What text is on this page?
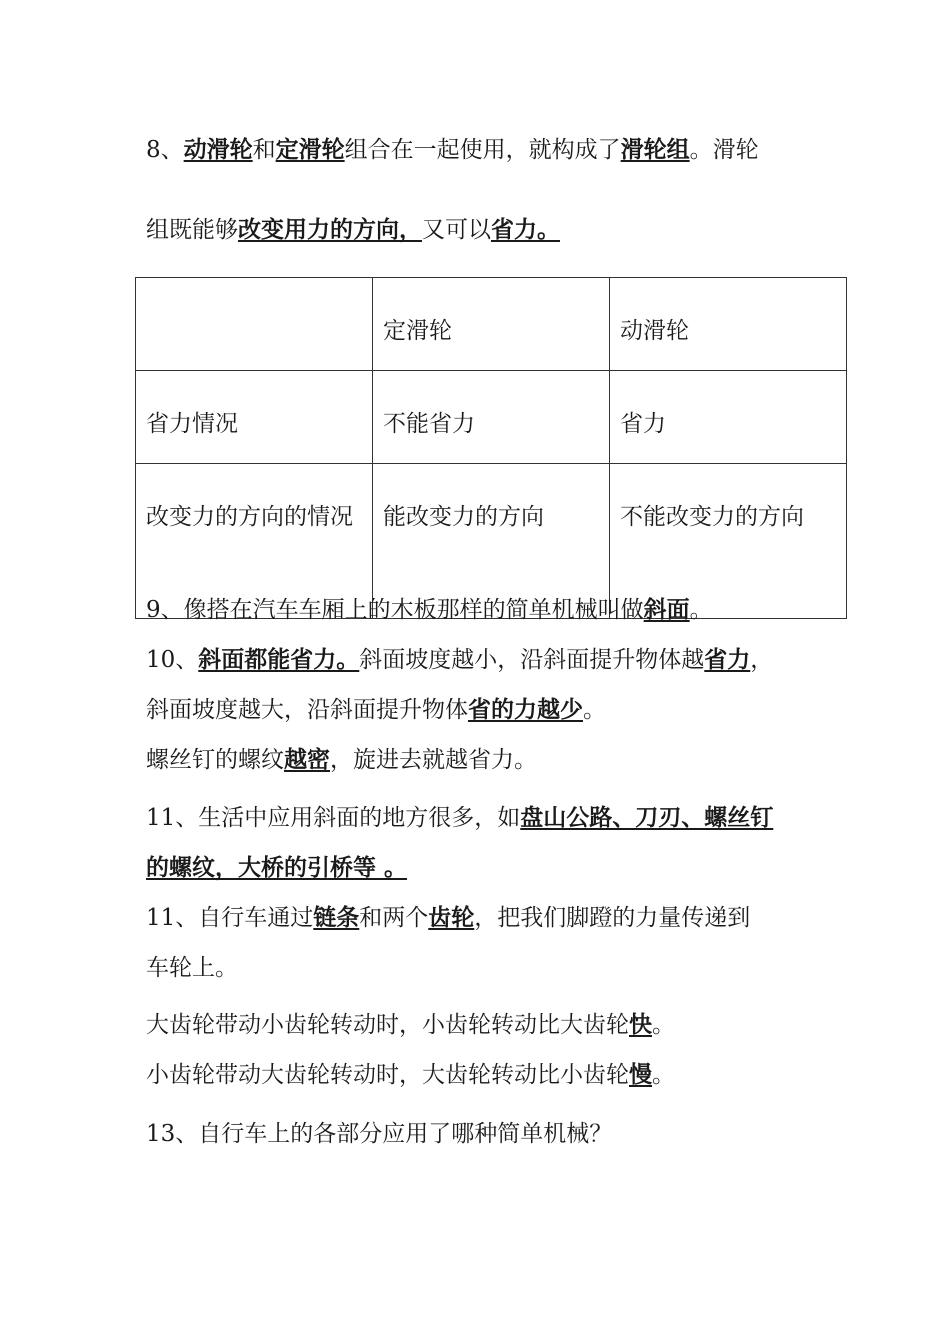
8、动滑轮和定滑轮组合在一起使用，就构成了滑轮组。滑轮
组既能够改变用力的方向，又可以省力。
	定滑轮	动滑轮
省力情况	不能省力	省力
改变力的方向的情况	能改变力的方向	不能改变力的方向
9、像搭在汽车车厢上的木板那样的简单机械叫做斜面。
10、斜面都能省力。斜面坡度越小，沿斜面提升物体越省力，
斜面坡度越大，沿斜面提升物体省的力越少。
螺丝钉的螺纹越密，旋进去就越省力。
11、生活中应用斜面的地方很多，如盘山公路、刀刃、螺丝钉
的螺纹，大桥的引桥等 。
11、自行车通过链条和两个齿轮，把我们脚蹬的力量传递到
车轮上。
大齿轮带动小齿轮转动时，小齿轮转动比大齿轮快。
小齿轮带动大齿轮转动时，大齿轮转动比小齿轮慢。
13、自行车上的各部分应用了哪种简单机械？
